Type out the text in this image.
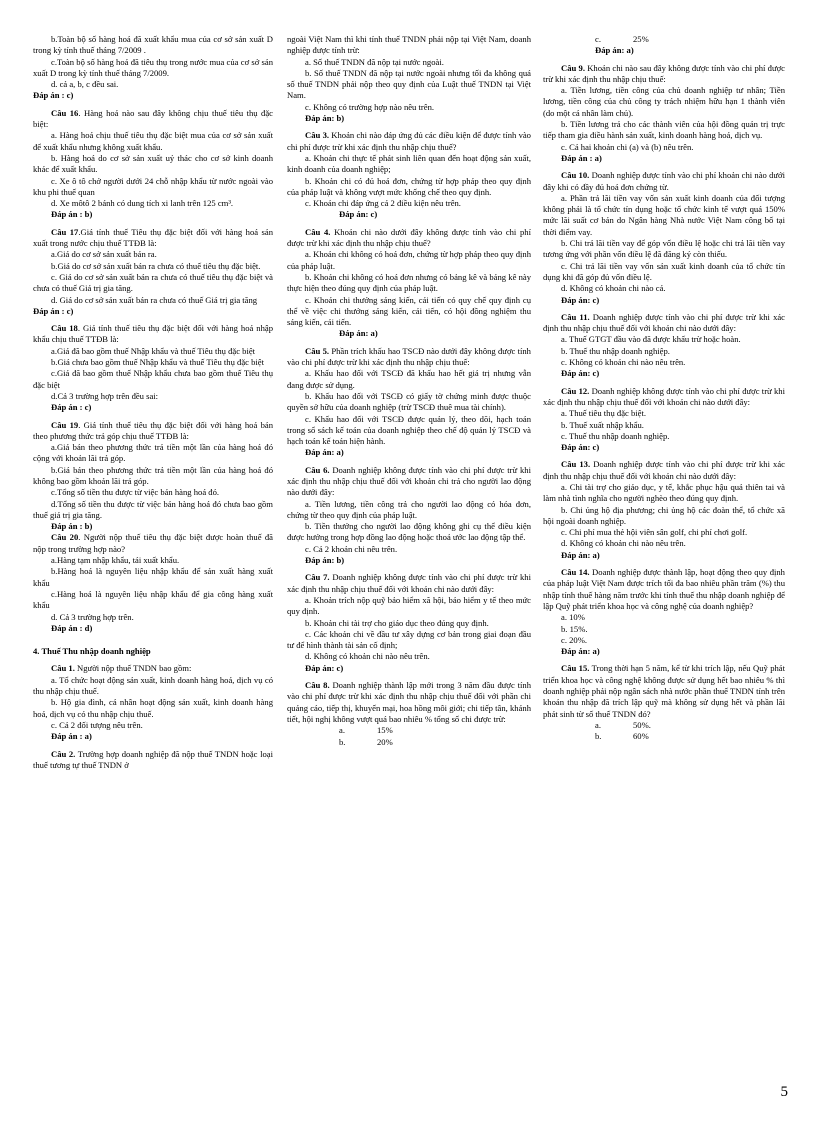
b.Toàn bộ số hàng hoá đã xuất khẩu mua của cơ sở sản xuất D trong kỳ tính thuế tháng 7/2009 .

c.Toàn bộ số hàng hoá đã tiêu thụ trong nước mua của cơ sở sản xuất D trong kỳ tính thuế tháng 7/2009.

d. cả a, b, c đều sai.

Đáp án : c)

Câu 16. Hàng hoá nào sau đây không chịu thuế tiêu thụ đặc biệt:

a. Hàng hoá chịu thuế tiêu thụ đặc biệt mua của cơ sở sản xuất để xuất khẩu nhưng không xuất khẩu.

b. Hàng hoá do cơ sở sản xuất uỷ thác cho cơ sở kinh doanh khác để xuất khẩu.

c. Xe ô tô chở người dưới 24 chỗ nhập khẩu từ nước ngoài vào khu phi thuế quan

d. Xe môtô 2 bánh có dung tích xi lanh trên 125 cm³.

Đáp án : b)

Câu 17.Giá tính thuế Tiêu thụ đặc biệt đối với hàng hoá sản xuất trong nước chịu thuế TTĐB là:

a.Giá do cơ sở sản xuất bán ra.

b.Giá do cơ sở sản xuất bán ra chưa có thuế tiêu thụ đặc biệt.

c. Giá do cơ sở sản xuất bán ra chưa có thuế tiêu thụ đặc biệt và chưa có thuế Giá trị gia tăng.

d. Giá do cơ sở sản xuất bán ra chưa có thuế Giá trị gia tăng

Đáp án : c)

Câu 18. Giá tính thuế tiêu thụ đặc biệt đối với hàng hoá nhập khẩu chịu thuế TTĐB là:

a.Giá đã bao gồm thuế Nhập khẩu và thuế Tiêu thụ đặc biệt

b.Giá chưa bao gồm thuế Nhập khẩu và thuế Tiêu thụ đặc biệt

c.Giá đã bao gồm thuế Nhập khẩu chưa bao gồm thuế Tiêu thụ đặc biệt

d.Cả 3 trường hợp trên đều sai:

Đáp án : c)

Câu 19. Giá tính thuế tiêu thụ đặc biệt đối với hàng hoá bán theo phương thức trả góp chịu thuế TTĐB là:

a.Giá bán theo phương thức trả tiền một lần của hàng hoá đó cộng với khoản lãi trả góp.

b.Giá bán theo phương thức trả tiền một lần của hàng hoá đó không bao gồm khoản lãi trả góp.

c.Tổng số tiền thu được từ việc bán hàng hoá đó.

d.Tổng số tiền thu được từ việc bán hàng hoá đó chưa bao gồm thuế giá trị gia tăng.

Đáp án : b)

Câu 20. Người nộp thuế tiêu thụ đặc biệt được hoàn thuế đã nộp trong trường hợp nào?

a.Hàng tạm nhập khẩu, tái xuất khẩu.

b.Hàng hoá là nguyên liệu nhập khẩu để sản xuất hàng xuất khẩu

c.Hàng hoá là nguyên liệu nhập khẩu để gia công hàng xuất khẩu

d. Cả 3 trường hợp trên.

Đáp án : d)

4. Thuế Thu nhập doanh nghiệp

Câu 1. Người nộp thuế TNDN bao gồm:

a. Tổ chức hoạt động sản xuất, kinh doanh hàng hoá, dịch vụ có thu nhập chịu thuế.

b. Hộ gia đình, cá nhân hoạt động sản xuất, kinh doanh hàng hoá, dịch vụ có thu nhập chịu thuế.

c. Cả 2 đối tượng nêu trên.

Đáp án : a)

Câu 2. Trường hợp doanh nghiệp đã nộp thuế TNDN hoặc loại thuế tương tự thuế TNDN ở

ngoài Việt Nam thì khi tính thuế TNDN phải nộp tại Việt Nam, doanh nghiệp được tính trừ:

a. Số thuế TNDN đã nộp tại nước ngoài.

b. Số thuế TNDN đã nộp tại nước ngoài nhưng tối đa không quá số thuế TNDN phải nộp theo quy định của Luật thuế TNDN tại Việt Nam.

c. Không có trường hợp nào nêu trên.

Đáp án: b)

Câu 3. Khoản chi nào đáp ứng đủ các điều kiện để được tính vào chi phí được trừ khi xác định thu nhập chịu thuế?

a. Khoản chi thực tế phát sinh liên quan đến hoạt động sản xuất, kinh doanh của doanh nghiệp;

b. Khoản chi có đủ hoá đơn, chứng từ hợp pháp theo quy định của pháp luật và không vượt mức khống chế theo quy định.

c. Khoản chi đáp ứng cả 2 điều kiện nêu trên.

Đáp án: c)

Câu 4. Khoản chi nào dưới đây không được tính vào chi phí được trừ khi xác định thu nhập chịu thuế?

a. Khoản chi không có hoá đơn, chứng từ hợp pháp theo quy định của pháp luật.

b. Khoản chi không có hoá đơn nhưng có bảng kê và bảng kê này thực hiện theo đúng quy định của pháp luật.

c. Khoản chi thưởng sáng kiến, cải tiến có quy chế quy định cụ thể về việc chi thưởng sáng kiến, cải tiến, có hội đồng nghiệm thu sáng kiến, cải tiến.

Đáp án: a)

Câu 5. Phần trích khấu hao TSCĐ nào dưới đây không được tính vào chi phí được trừ khi xác định thu nhập chịu thuế:

a. Khấu hao đối với TSCĐ đã khấu hao hết giá trị nhưng vẫn đang được sử dụng.

b. Khấu hao đối với TSCĐ có giấy tờ chứng minh được thuộc quyền sở hữu của doanh nghiệp (trừ TSCĐ thuê mua tài chính).

c. Khấu hao đối với TSCĐ được quản lý, theo dõi, hạch toán trong sổ sách kế toán của doanh nghiệp theo chế độ quản lý TSCĐ và hạch toán kế toán hiện hành.

Đáp án: a)

Câu 6. Doanh nghiệp không được tính vào chi phí được trừ khi xác định thu nhập chịu thuế đối với khoản chi trả cho người lao động nào dưới đây:

a. Tiền lương, tiền công trả cho người lao động có hóa đơn, chứng từ theo quy định của pháp luật.

b. Tiền thưởng cho người lao động không ghi cụ thể điều kiện được hưởng trong hợp đồng lao động hoặc thoả ước lao động tập thể.

c. Cả 2 khoản chi nêu trên.

Đáp án: b)

Câu 7. Doanh nghiệp không được tính vào chi phí được trừ khi xác định thu nhập chịu thuế đối với khoản chi nào dưới đây:

a. Khoản trích nộp quỹ bảo hiểm xã hội, bảo hiểm y tế theo mức quy định.

b. Khoản chi tài trợ cho giáo dục theo đúng quy định.

c. Các khoản chi về đầu tư xây dựng cơ bản trong giai đoạn đầu tư để hình thành tài sản cố định;

d. Không có khoản chi nào nêu trên.

Đáp án: c)

Câu 8. Doanh nghiệp thành lập mới trong 3 năm đầu được tính vào chi phí được trừ khi xác định thu nhập chịu thuế đối với phần chi quảng cáo, tiếp thị, khuyến mại, hoa hồng môi giới; chi tiếp tân, khánh tiết, hội nghị không vượt quá bao nhiêu % tổng số chi được trừ:

a.	15%
b.	20%
c.	25%

Đáp án: a)

Câu 9. Khoản chi nào sau đây không được tính vào chi phí được trừ khi xác định thu nhập chịu thuế:

a. Tiền lương, tiền công của chủ doanh nghiệp tư nhân; Tiền lương, tiền công của chủ công ty trách nhiệm hữu hạn 1 thành viên (do một cá nhân làm chủ).

b. Tiền lương trả cho các thành viên của hội đồng quản trị trực tiếp tham gia điều hành sản xuất, kinh doanh hàng hoá, dịch vụ.

c. Cả hai khoản chi (a) và (b) nêu trên.

Đáp án : a)

Câu 10. Doanh nghiệp được tính vào chi phí khoản chi nào dưới đây khi có đầy đủ hoá đơn chứng từ.

a. Phần trả lãi tiền vay vốn sản xuất kinh doanh của đối tượng không phải là tổ chức tín dụng hoặc tổ chức kinh tế vượt quá 150% mức lãi suất cơ bản do Ngân hàng Nhà nước Việt Nam công bố tại thời điểm vay.

b. Chi trả lãi tiền vay để góp vốn điều lệ hoặc chi trả lãi tiền vay tương ứng với phần vốn điều lệ đã đăng ký còn thiếu.

c. Chi trả lãi tiền vay vốn sản xuất kinh doanh của tổ chức tín dụng khi đã góp đủ vốn điều lệ.

d. Không có khoản chi nào cả.

Đáp án: c)

Câu 11. Doanh nghiệp được tính vào chi phí được trừ khi xác định thu nhập chịu thuế đối với khoản chi nào dưới đây:

a. Thuế GTGT đầu vào đã được khấu trừ hoặc hoàn.

b. Thuế thu nhập doanh nghiệp.

c. Không có khoản chi nào nêu trên.

Đáp án: c)

Câu 12. Doanh nghiệp không được tính vào chi phí được trừ khi xác định thu nhập chịu thuế đối với khoản chi nào dưới đây:

a. Thuế tiêu thụ đặc biệt.

b. Thuế xuất nhập khẩu.

c. Thuế thu nhập doanh nghiệp.

Đáp án: c)

Câu 13. Doanh nghiệp được tính vào chi phí được trừ khi xác định thu nhập chịu thuế đối với khoản chi nào dưới đây:

a. Chi tài trợ cho giáo dục, y tế, khắc phục hậu quả thiên tai và làm nhà tình nghĩa cho người nghèo theo đúng quy định.

b. Chi ủng hộ địa phương; chi ủng hộ các đoàn thể, tổ chức xã hội ngoài doanh nghiệp.

c. Chi phí mua thẻ hội viên sân golf, chi phí chơi golf.

d. Không có khoản chi nào nêu trên.

Đáp án: a)

Câu 14. Doanh nghiệp được thành lập, hoạt động theo quy định của pháp luật Việt Nam được trích tối đa bao nhiêu phần trăm (%) thu nhập tính thuế hàng năm trước khi tính thuế thu nhập doanh nghiệp để lập Quỹ phát triển khoa học và công nghệ của doanh nghiệp?

a. 10%

b. 15%.

c. 20%.

Đáp án: a)

Câu 15. Trong thời hạn 5 năm, kể từ khi trích lập, nếu Quỹ phát triển khoa học và công nghệ không được sử dụng hết bao nhiêu % thì doanh nghiệp phải nộp ngân sách nhà nước phần thuế TNDN tính trên khoản thu nhập đã trích lập quỹ mà không sử dụng hết và phần lãi phát sinh từ số thuế TNDN đó?

a.	50%.
b.	60%
5
